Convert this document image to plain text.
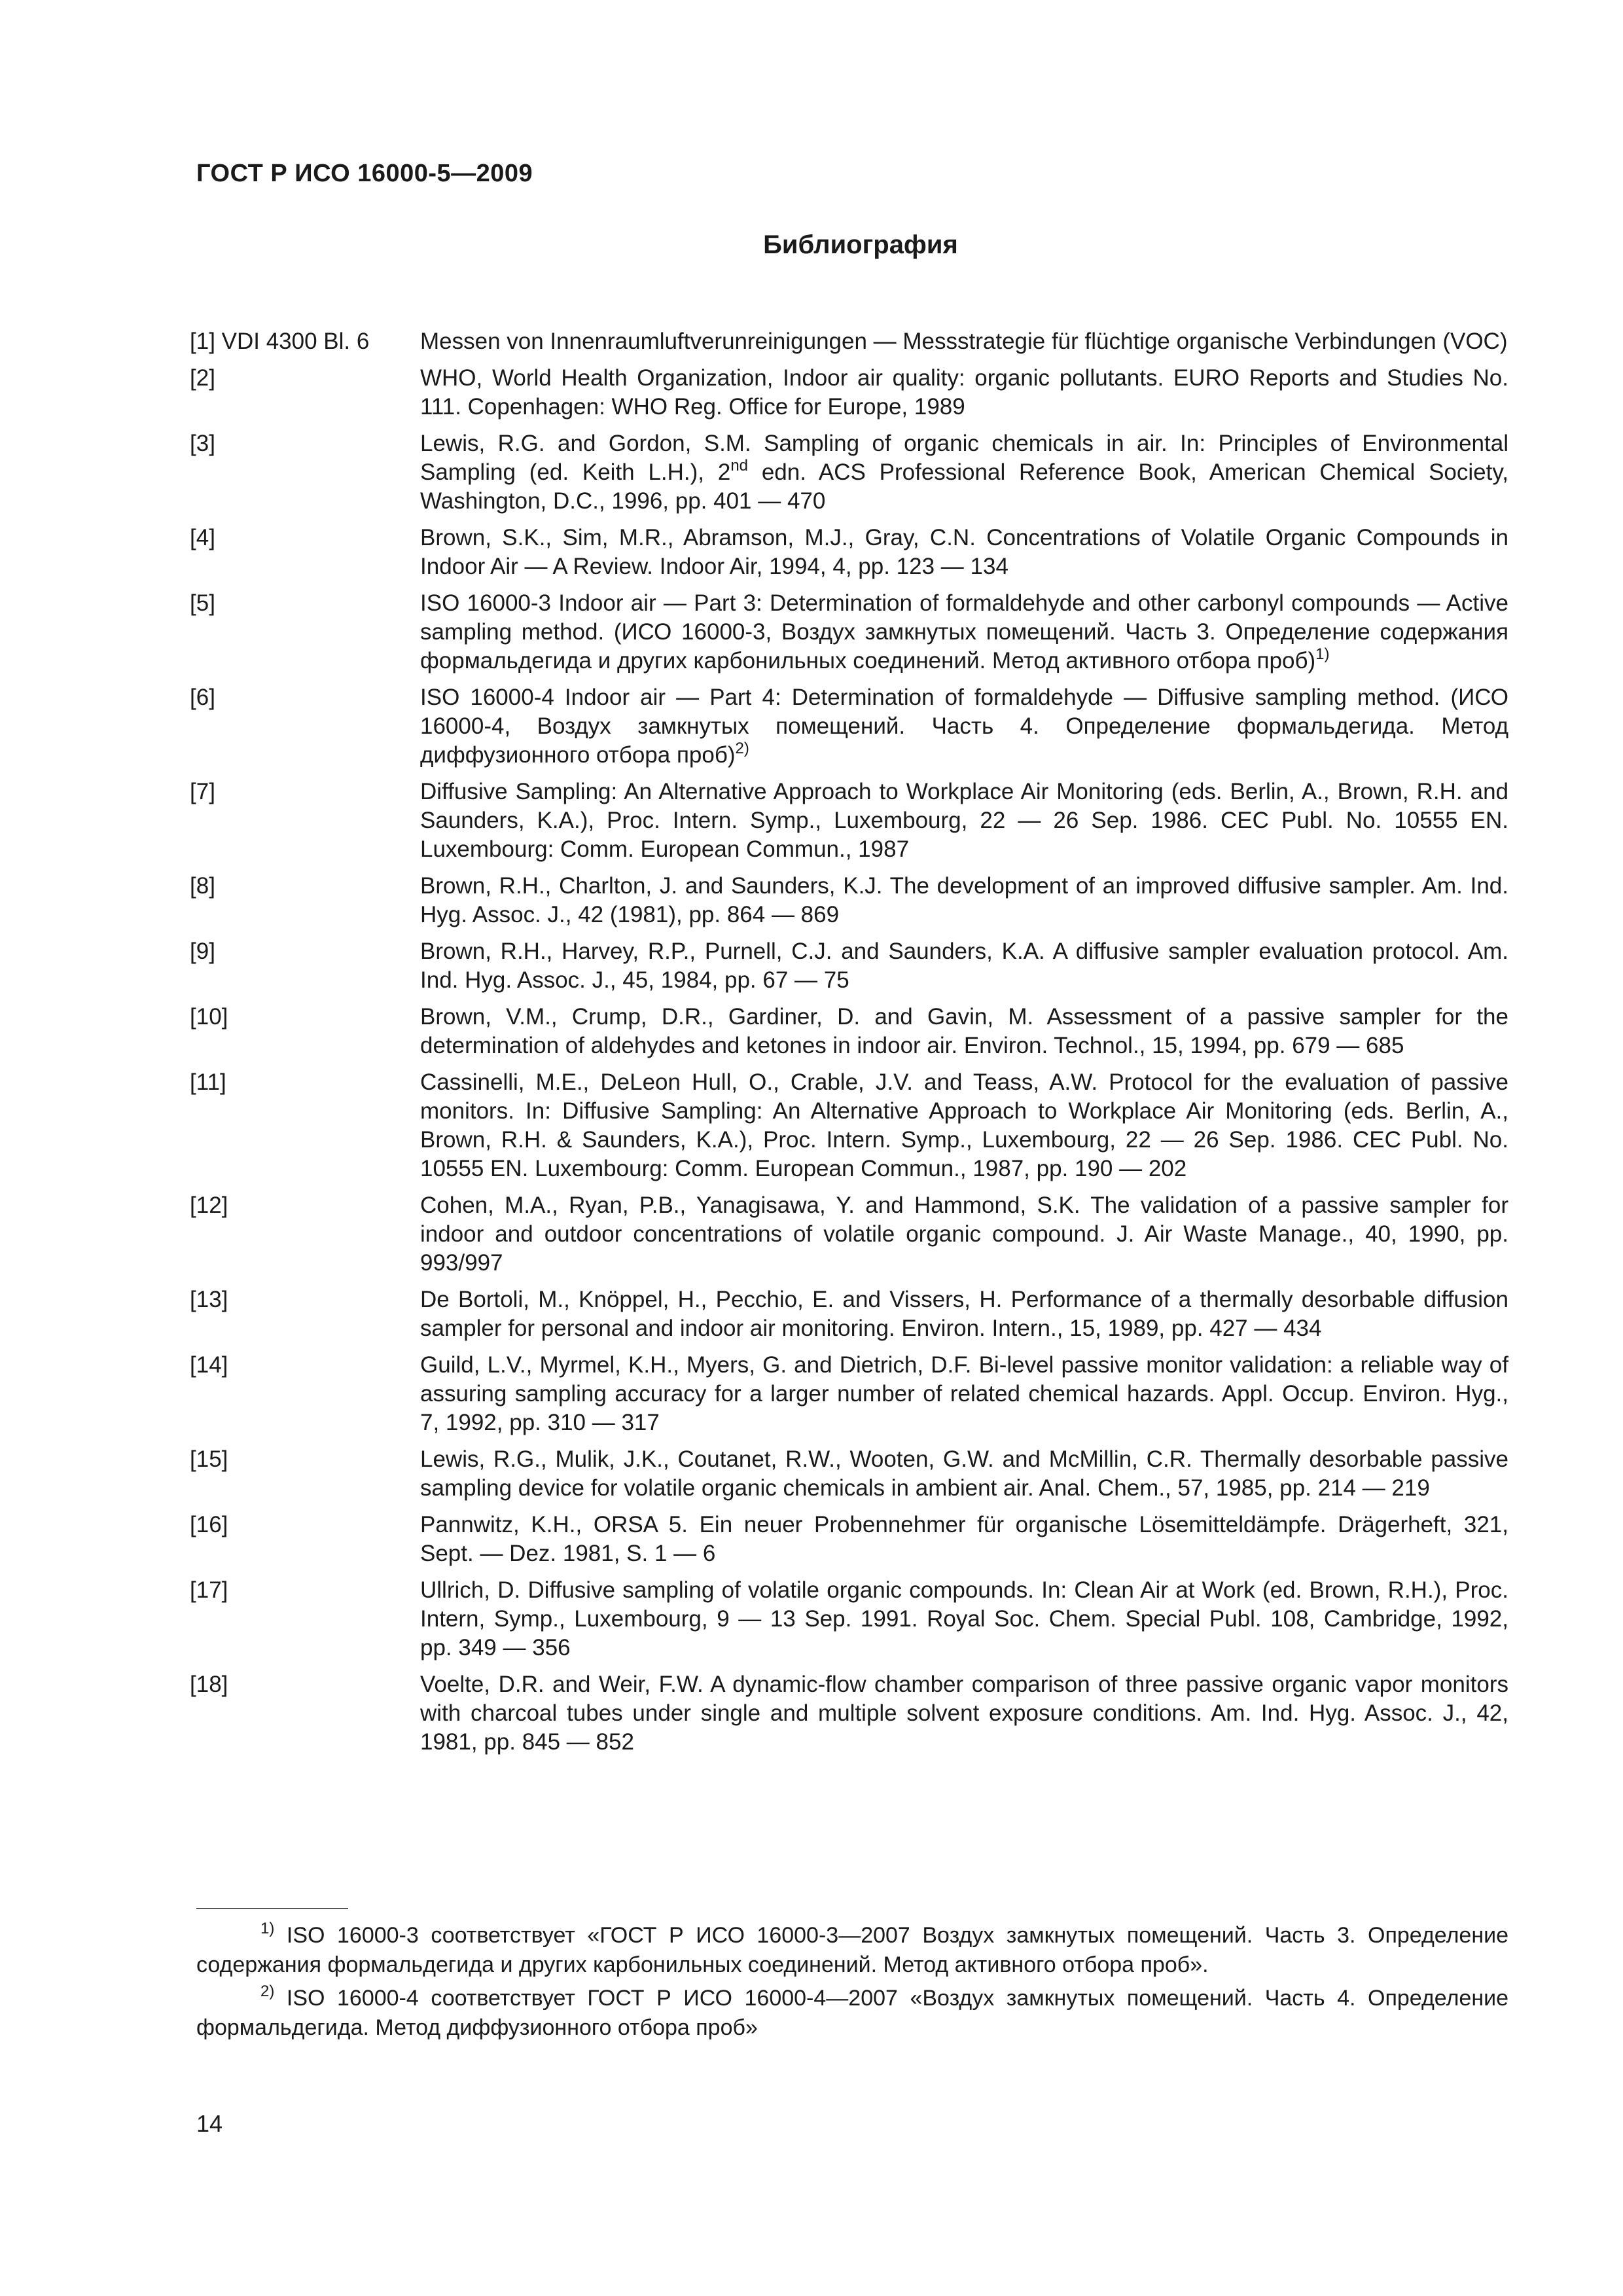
ГОСТ Р ИСО 16000-5—2009
Библиография
[1] VDI 4300 Bl. 6	Messen von Innenraumluftverunreinigungen — Messstrategie für flüchtige organische Verbindungen (VOC)
[2]	WHO, World Health Organization, Indoor air quality: organic pollutants. EURO Reports and Studies No. 111. Copenhagen: WHO Reg. Office for Europe, 1989
[3]	Lewis, R.G. and Gordon, S.M. Sampling of organic chemicals in air. In: Principles of Environmental Sampling (ed. Keith L.H.), 2nd edn. ACS Professional Reference Book, American Chemical Society, Washington, D.C., 1996, pp. 401 — 470
[4]	Brown, S.K., Sim, M.R., Abramson, M.J., Gray, C.N. Concentrations of Volatile Organic Compounds in Indoor Air — A Review. Indoor Air, 1994, 4, pp. 123 — 134
[5]	ISO 16000-3 Indoor air — Part 3: Determination of formaldehyde and other carbonyl compounds — Active sampling method. (ИСО 16000-3, Воздух замкнутых помещений. Часть 3. Определение содержания формальдегида и других карбонильных соединений. Метод активного отбора проб)$^{1)}$
[6]	ISO 16000-4 Indoor air — Part 4: Determination of formaldehyde — Diffusive sampling method. (ИСО 16000-4, Воздух замкнутых помещений. Часть 4. Определение формальдегида. Метод диффузионного отбора проб)$^{2)}$
[7]	Diffusive Sampling: An Alternative Approach to Workplace Air Monitoring (eds. Berlin, A., Brown, R.H. and Saunders, K.A.), Proc. Intern. Symp., Luxembourg, 22 — 26 Sep. 1986. CEC Publ. No. 10555 EN. Luxembourg: Comm. European Commun., 1987
[8]	Brown, R.H., Charlton, J. and Saunders, K.J. The development of an improved diffusive sampler. Am. Ind. Hyg. Assoc. J., 42 (1981), pp. 864 — 869
[9]	Brown, R.H., Harvey, R.P., Purnell, C.J. and Saunders, K.A. A diffusive sampler evaluation protocol. Am. Ind. Hyg. Assoc. J., 45, 1984, pp. 67 — 75
[10]	Brown, V.M., Crump, D.R., Gardiner, D. and Gavin, M. Assessment of a passive sampler for the determination of aldehydes and ketones in indoor air. Environ. Technol., 15, 1994, pp. 679 — 685
[11]	Cassinelli, M.E., DeLeon Hull, O., Crable, J.V. and Teass, A.W. Protocol for the evaluation of passive monitors. In: Diffusive Sampling: An Alternative Approach to Workplace Air Monitoring (eds. Berlin, A., Brown, R.H. & Saunders, K.A.), Proc. Intern. Symp., Luxembourg, 22 — 26 Sep. 1986. CEC Publ. No. 10555 EN. Luxembourg: Comm. European Commun., 1987, pp. 190 — 202
[12]	Cohen, M.A., Ryan, P.B., Yanagisawa, Y. and Hammond, S.K. The validation of a passive sampler for indoor and outdoor concentrations of volatile organic compound. J. Air Waste Manage., 40, 1990, pp. 993/997
[13]	De Bortoli, M., Knöppel, H., Pecchio, E. and Vissers, H. Performance of a thermally desorbable diffusion sampler for personal and indoor air monitoring. Environ. Intern., 15, 1989, pp. 427 — 434
[14]	Guild, L.V., Myrmel, K.H., Myers, G. and Dietrich, D.F. Bi-level passive monitor validation: a reliable way of assuring sampling accuracy for a larger number of related chemical hazards. Appl. Occup. Environ. Hyg., 7, 1992, pp. 310 — 317
[15]	Lewis, R.G., Mulik, J.K., Coutanet, R.W., Wooten, G.W. and McMillin, C.R. Thermally desorbable passive sampling device for volatile organic chemicals in ambient air. Anal. Chem., 57, 1985, pp. 214 — 219
[16]	Pannwitz, K.H., ORSA 5. Ein neuer Probennehmer für organische Lösemitteldämpfe. Drägerheft, 321, Sept. — Dez. 1981, S. 1 — 6
[17]	Ullrich, D. Diffusive sampling of volatile organic compounds. In: Clean Air at Work (ed. Brown, R.H.), Proc. Intern, Symp., Luxembourg, 9 — 13 Sep. 1991. Royal Soc. Chem. Special Publ. 108, Cambridge, 1992, pp. 349 — 356
[18]	Voelte, D.R. and Weir, F.W. A dynamic-flow chamber comparison of three passive organic vapor monitors with charcoal tubes under single and multiple solvent exposure conditions. Am. Ind. Hyg. Assoc. J., 42, 1981, pp. 845 — 852
$^{1)}$ ISO 16000-3 соответствует «ГОСТ Р ИСО 16000-3—2007 Воздух замкнутых помещений. Часть 3. Определение содержания формальдегида и других карбонильных соединений. Метод активного отбора проб».
$^{2)}$ ISO 16000-4 соответствует ГОСТ Р ИСО 16000-4—2007 «Воздух замкнутых помещений. Часть 4. Определение формальдегида. Метод диффузионного отбора проб»
14
